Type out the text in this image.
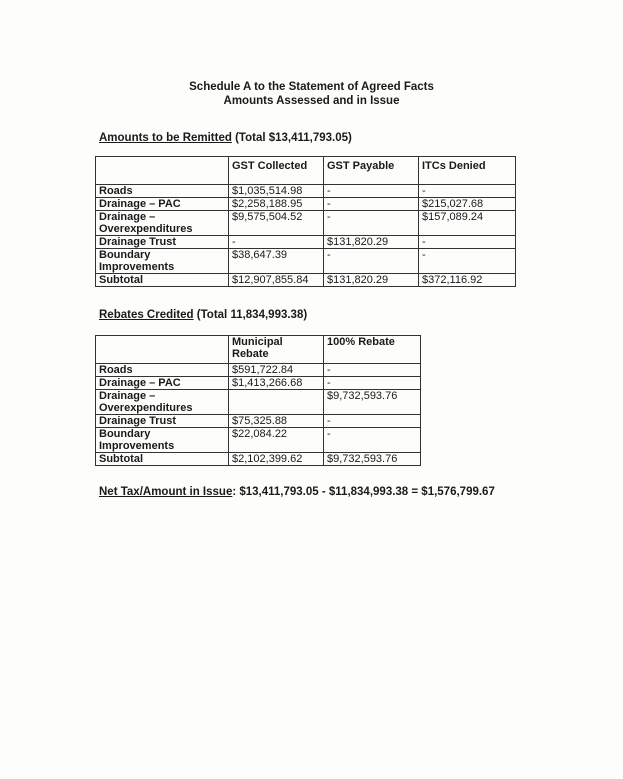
Schedule A to the Statement of Agreed Facts
Amounts Assessed and in Issue
Amounts to be Remitted (Total $13,411,793.05)
	GST Collected	GST Payable	ITCs Denied
Roads	$1,035,514.98	-	-
Drainage – PAC	$2,258,188.95	-	$215,027.68
Drainage – Overexpenditures	$9,575,504.52	-	$157,089.24
Drainage Trust	-	$131,820.29	-
Boundary Improvements	$38,647.39	-	-
Subtotal	$12,907,855.84	$131,820.29	$372,116.92
Rebates Credited (Total 11,834,993.38)
	Municipal Rebate	100% Rebate
Roads	$591,722.84	-
Drainage – PAC	$1,413,266.68	-
Drainage – Overexpenditures		$9,732,593.76
Drainage Trust	$75,325.88	-
Boundary Improvements	$22,084.22	-
Subtotal	$2,102,399.62	$9,732,593.76
Net Tax/Amount in Issue: $13,411,793.05 - $11,834,993.38 = $1,576,799.67
